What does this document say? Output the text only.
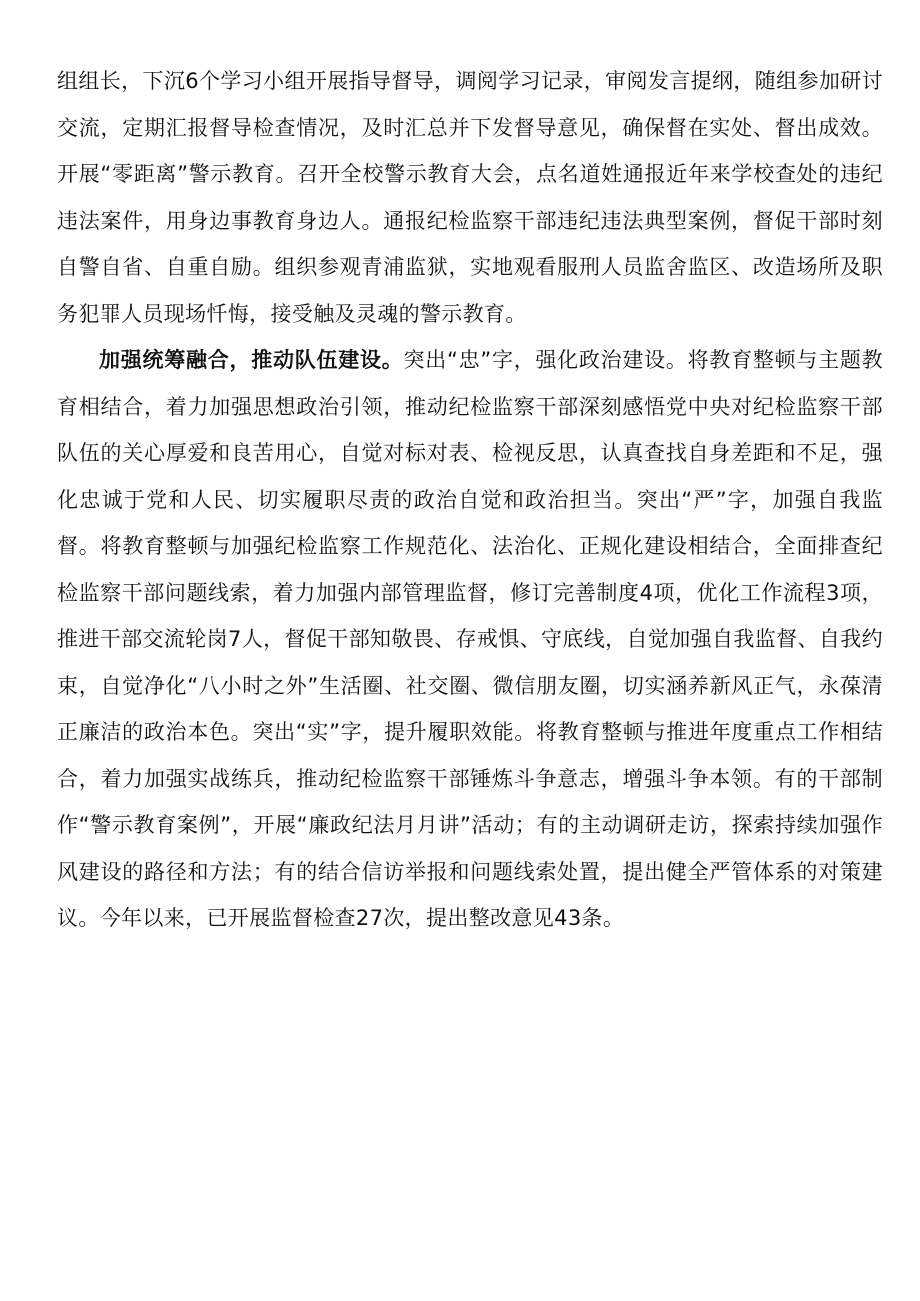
组组长，下沉6个学习小组开展指导督导，调阅学习记录，审阅发言提纲，随组参加研讨交流，定期汇报督导检查情况，及时汇总并下发督导意见，确保督在实处、督出成效。开展“零距离”警示教育。召开全校警示教育大会，点名道姓通报近年来学校查处的违纪违法案件，用身边事教育身边人。通报纪检监察干部违纪违法典型案例，督促干部时刻自警自省、自重自励。组织参观青浦监狱，实地观看服刑人员监舍监区、改造场所及职务犯罪人员现场忏悔，接受触及灵魂的警示教育。

加强统筹融合，推动队伍建设。突出“忠”字，强化政治建设。将教育整顿与主题教育相结合，着力加强思想政治引领，推动纪检监察干部深刻感悟党中央对纪检监察干部队伍的关心厚爱和良苦用心，自觉对标对表、检视反思，认真查找自身差距和不足，强化忠诚于党和人民、切实履职尽责的政治自觉和政治担当。突出“严”字，加强自我监督。将教育整顿与加强纪检监察工作规范化、法治化、正规化建设相结合，全面排查纪检监察干部问题线索，着力加强内部管理监督，修订完善制度4项，优化工作流程3项，推进干部交流轮岗7人，督促干部知敬畏、存戒惧、守底线，自觉加强自我监督、自我约束，自觉净化“八小时之外”生活圈、社交圈、微信朋友圈，切实涵养新风正气，永葆清正廉洁的政治本色。突出“实”字，提升履职效能。将教育整顿与推进年度重点工作相结合，着力加强实战练兵，推动纪检监察干部锤炼斗争意志，增强斗争本领。有的干部制作“警示教育案例”，开展“廉政纪法月月讲”活动；有的主动调研走访，探索持续加强作风建设的路径和方法；有的结合信访举报和问题线索处置，提出健全严管体系的对策建议。今年以来，已开展监督检查27次，提出整改意见43条。
